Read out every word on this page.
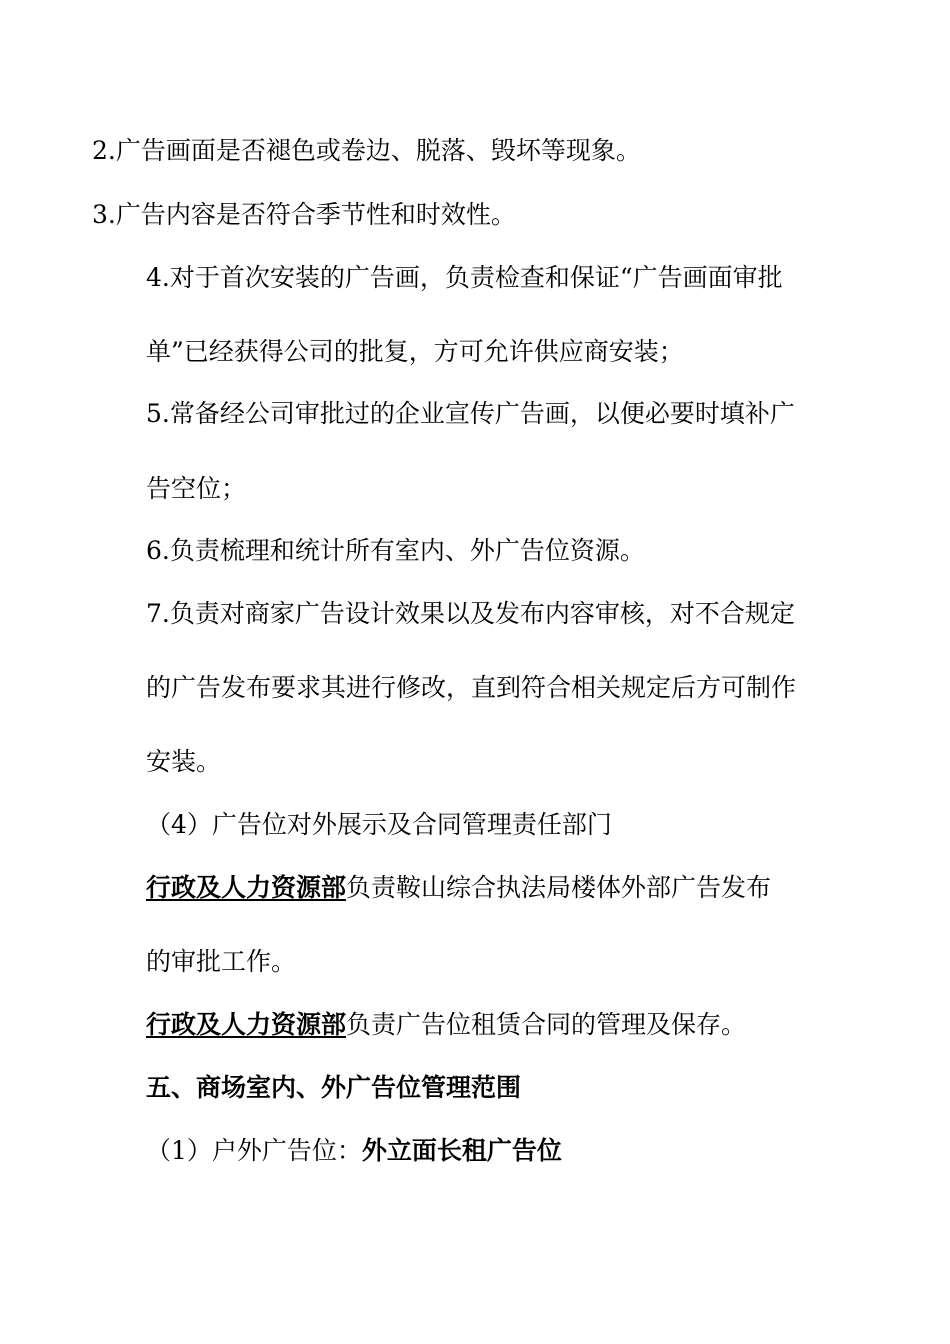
2.广告画面是否褪色或卷边、脱落、毁坏等现象。
3.广告内容是否符合季节性和时效性。
4.对于首次安装的广告画，负责检查和保证“广告画面审批
单”已经获得公司的批复，方可允许供应商安装；
5.常备经公司审批过的企业宣传广告画，以便必要时填补广
告空位；
6.负责梳理和统计所有室内、外广告位资源。
7.负责对商家广告设计效果以及发布内容审核，对不合规定
的广告发布要求其进行修改，直到符合相关规定后方可制作
安装。
（4）广告位对外展示及合同管理责任部门
行政及人力资源部负责鞍山综合执法局楼体外部广告发布
的审批工作。
行政及人力资源部负责广告位租赁合同的管理及保存。
五、商场室内、外广告位管理范围
（1）户外广告位：外立面长租广告位
